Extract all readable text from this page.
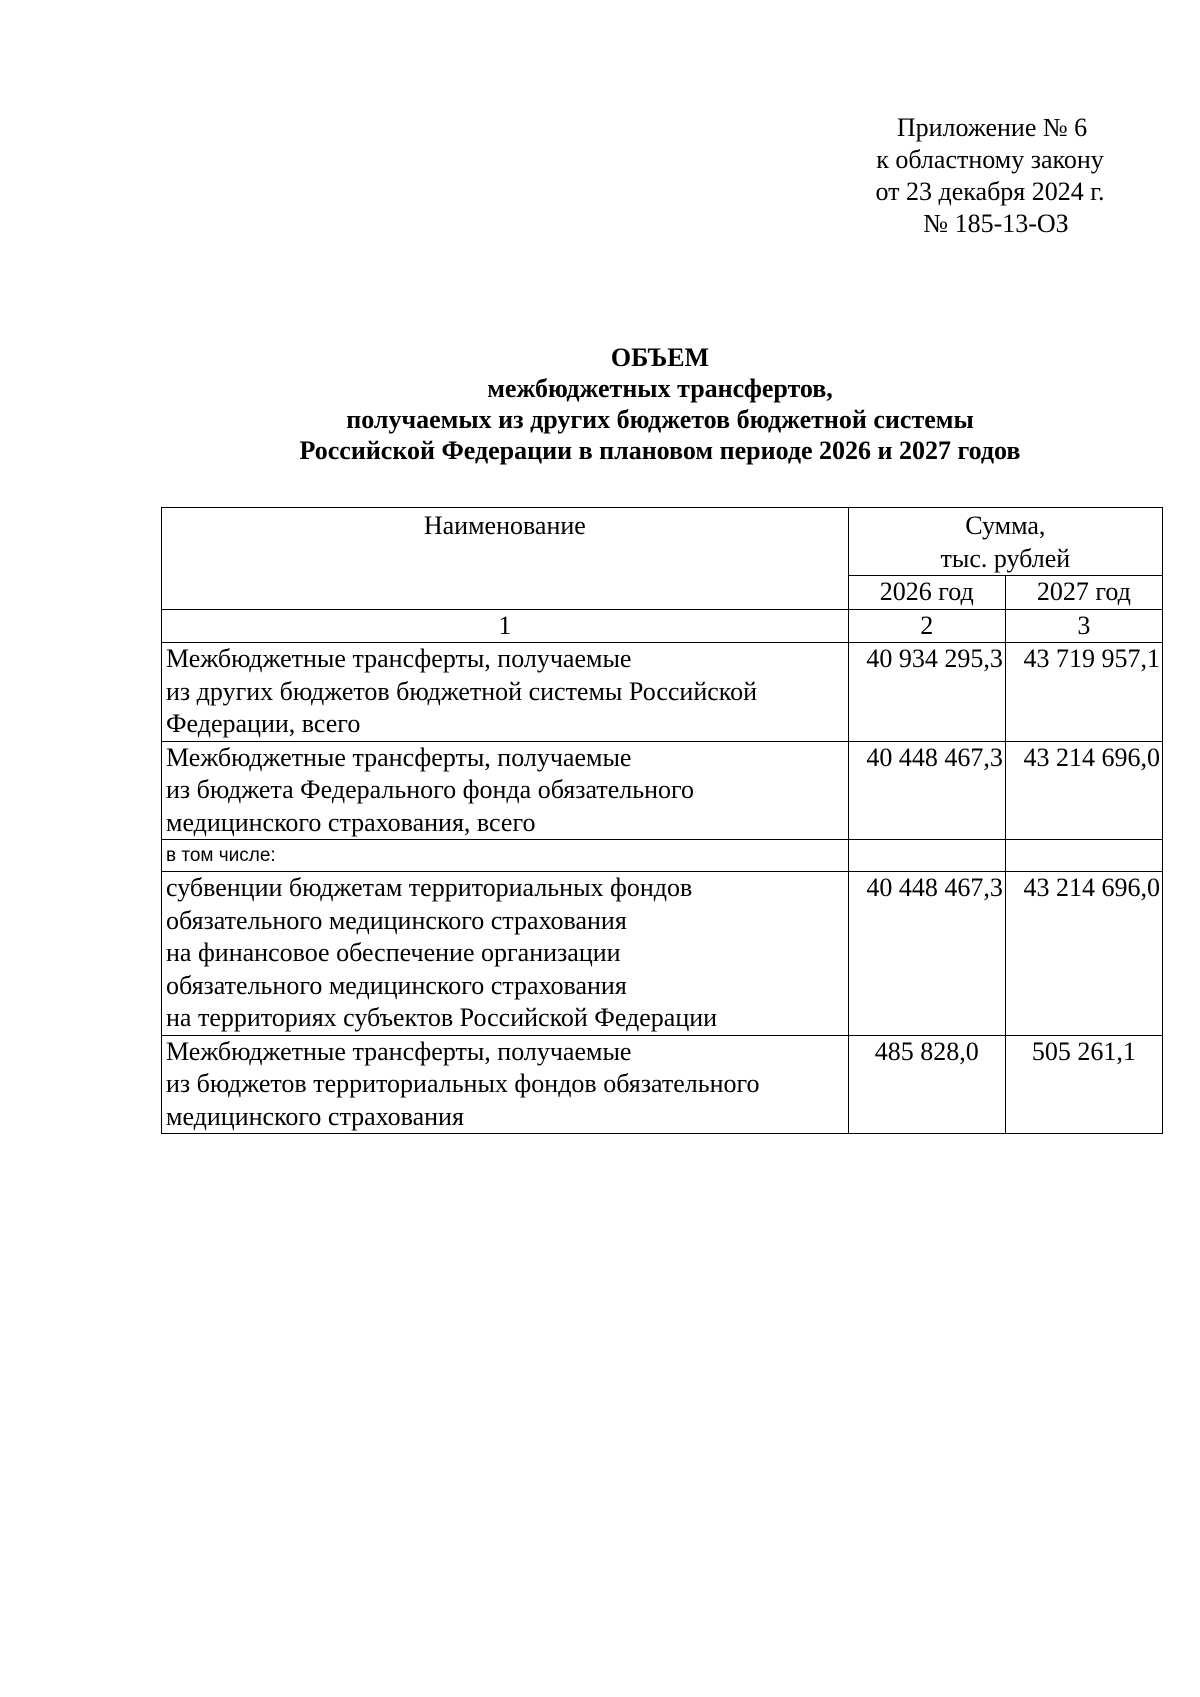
Приложение № 6
к областному закону
от 23 декабря 2024 г.
№ 185-13-ОЗ
ОБЪЕМ
межбюджетных трансфертов,
получаемых из других бюджетов бюджетной системы
Российской Федерации в плановом периоде 2026 и 2027 годов
Наименование	Сумма,
тыс. рублей	

	2026 год	2027 год
1	2	3

Межбюджетные трансферты, получаемые
из других бюджетов бюджетной системы Российской
Федерации, всего	40 934 295,3	43 719 957,1

Межбюджетные трансферты, получаемые
из бюджета Федерального фонда обязательного
медицинского страхования, всего	40 448 467,3	43 214 696,0

в том числе:		

субвенции бюджетам территориальных фондов
обязательного медицинского страхования
на финансовое обеспечение организации
обязательного медицинского страхования
на территориях субъектов Российской Федерации	40 448 467,3	43 214 696,0

Межбюджетные трансферты, получаемые
из бюджетов территориальных фондов обязательного
медицинского страхования	485 828,0	505 261,1
